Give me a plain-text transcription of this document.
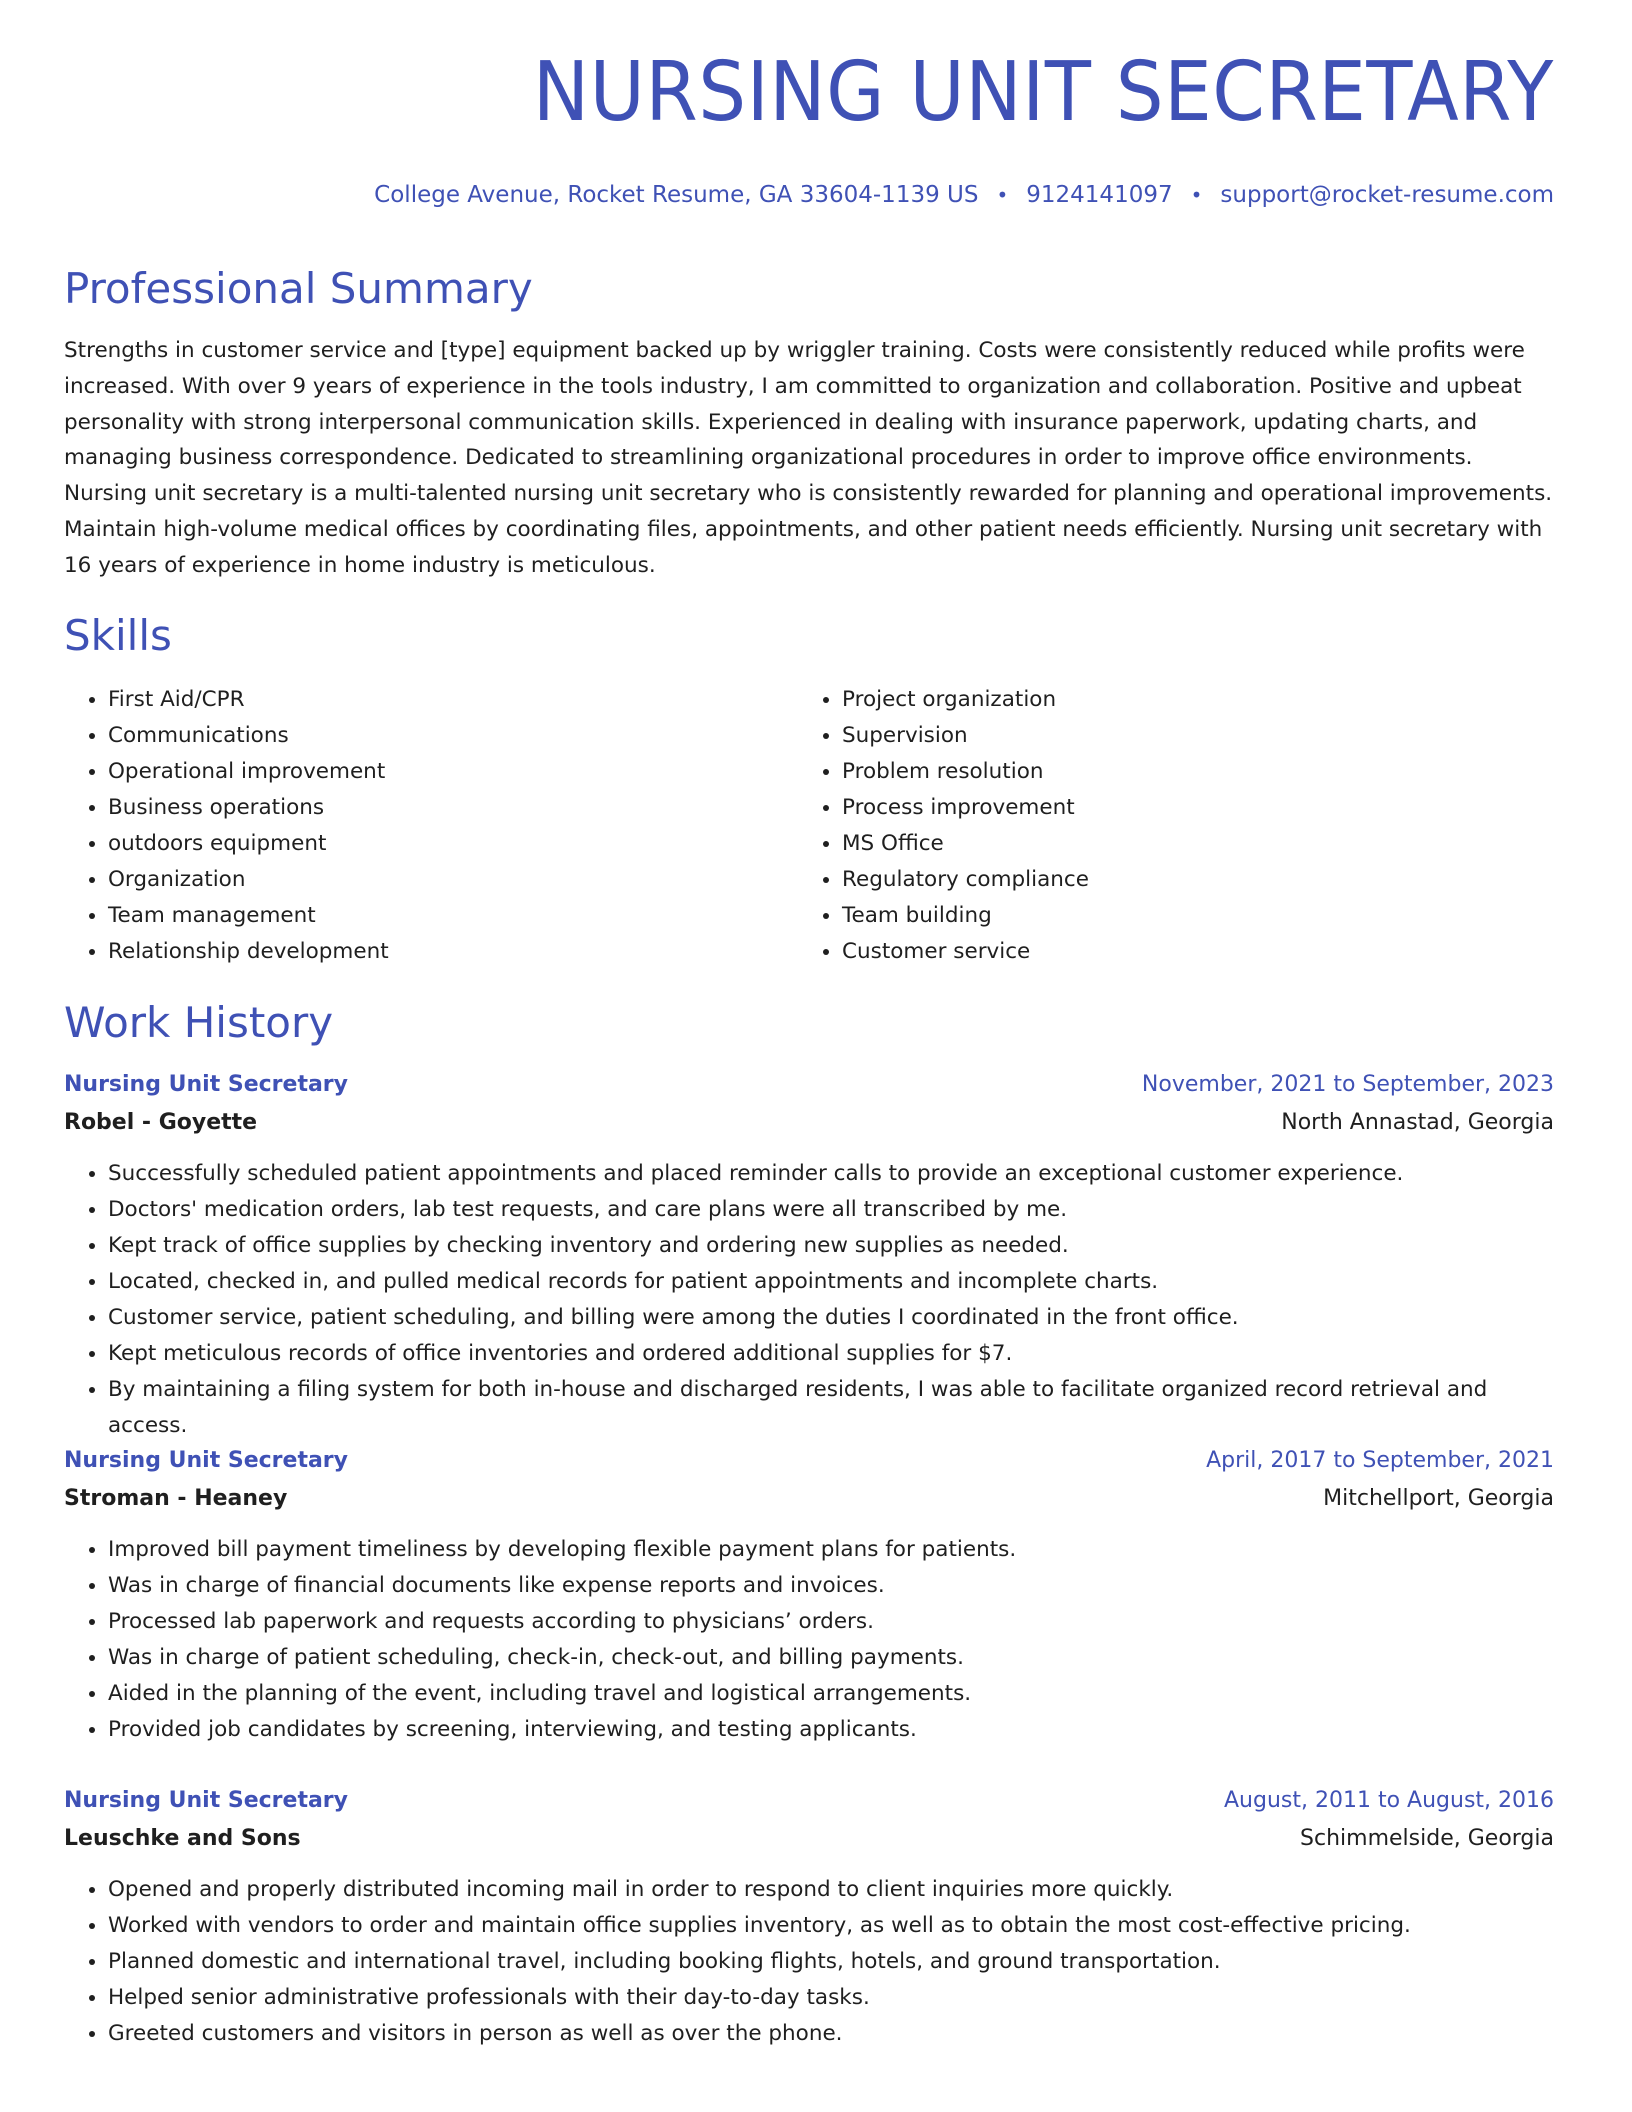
NURSING UNIT SECRETARY
College Avenue, Rocket Resume, GA 33604-1139 US • 9124141097 • support@rocket-resume.com
Professional Summary

Strengths in customer service and [type] equipment backed up by wriggler training. Costs were consistently reduced while profits were increased. With over 9 years of experience in the tools industry, I am committed to organization and collaboration. Positive and upbeat personality with strong interpersonal communication skills. Experienced in dealing with insurance paperwork, updating charts, and managing business correspondence. Dedicated to streamlining organizational procedures in order to improve office environments. Nursing unit secretary is a multi-talented nursing unit secretary who is consistently rewarded for planning and operational improvements. Maintain high-volume medical offices by coordinating files, appointments, and other patient needs efficiently. Nursing unit secretary with 16 years of experience in home industry is meticulous.

Skills
• First Aid/CPR
• Communications
• Operational improvement
• Business operations
• outdoors equipment
• Organization
• Team management
• Relationship development
• Project organization
• Supervision
• Problem resolution
• Process improvement
• MS Office
• Regulatory compliance
• Team building
• Customer service
Work History
Nursing Unit Secretary	November, 2021 to September, 2023
Robel - Goyette	North Annastad, Georgia
• Successfully scheduled patient appointments and placed reminder calls to provide an exceptional customer experience.
• Doctors' medication orders, lab test requests, and care plans were all transcribed by me.
• Kept track of office supplies by checking inventory and ordering new supplies as needed.
• Located, checked in, and pulled medical records for patient appointments and incomplete charts.
• Customer service, patient scheduling, and billing were among the duties I coordinated in the front office.
• Kept meticulous records of office inventories and ordered additional supplies for $7.
• By maintaining a filing system for both in-house and discharged residents, I was able to facilitate organized record retrieval and access.
Nursing Unit Secretary	April, 2017 to September, 2021
Stroman - Heaney	Mitchellport, Georgia
• Improved bill payment timeliness by developing flexible payment plans for patients.
• Was in charge of financial documents like expense reports and invoices.
• Processed lab paperwork and requests according to physicians’ orders.
• Was in charge of patient scheduling, check-in, check-out, and billing payments.
• Aided in the planning of the event, including travel and logistical arrangements.
• Provided job candidates by screening, interviewing, and testing applicants.
Nursing Unit Secretary	August, 2011 to August, 2016
Leuschke and Sons	Schimmelside, Georgia
• Opened and properly distributed incoming mail in order to respond to client inquiries more quickly.
• Worked with vendors to order and maintain office supplies inventory, as well as to obtain the most cost-effective pricing.
• Planned domestic and international travel, including booking flights, hotels, and ground transportation.
• Helped senior administrative professionals with their day-to-day tasks.
• Greeted customers and visitors in person as well as over the phone.
